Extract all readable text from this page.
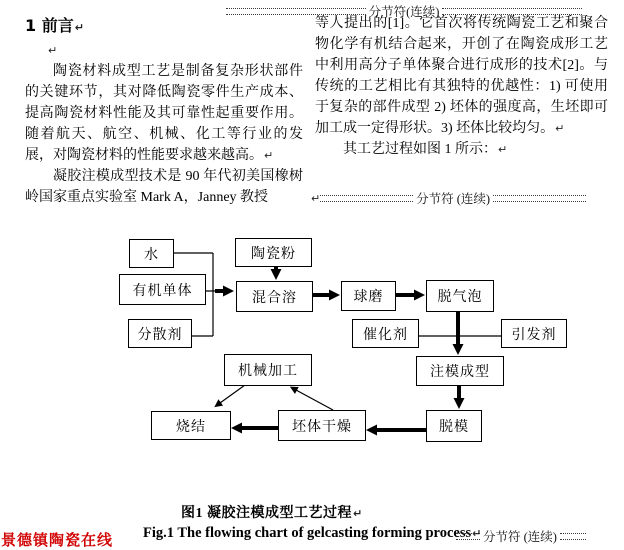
分节符(连续)
1 前言↵
↵

陶瓷材料成型工艺是制备复杂形状部件的关键环节，其对降低陶瓷零件生产成本、提高陶瓷材料性能及其可靠性起重要作用。随着航天、航空、机械、化工等行业的发展，对陶瓷材料的性能要求越来越高。↵

凝胶注模成型技术是 90 年代初美国橡树岭国家重点实验室 Mark A，Janney 教授

等人提出的[1]。它首次将传统陶瓷工艺和聚合物化学有机结合起来，开创了在陶瓷成形工艺中利用高分子单体聚合进行成形的技术[2]。与传统的工艺相比有其独特的优越性：1) 可使用于复杂的部件成型 2) 坯体的强度高，生坯即可加工成一定得形状。3) 坯体比较均匀。↵

其工艺过程如图 1 所示：↵

↵	分节符 (连续)
水
有机单体
分散剂
陶瓷粉
混合溶	球磨	脱气泡
催化剂	引发剂
注模成型
机械加工
脱模
坯体干燥
烧结
图1 凝胶注模成型工艺过程↵
Fig.1 The flowing chart of gelcasting forming process↵ 分节符 (连续)
景德镇陶瓷在线
